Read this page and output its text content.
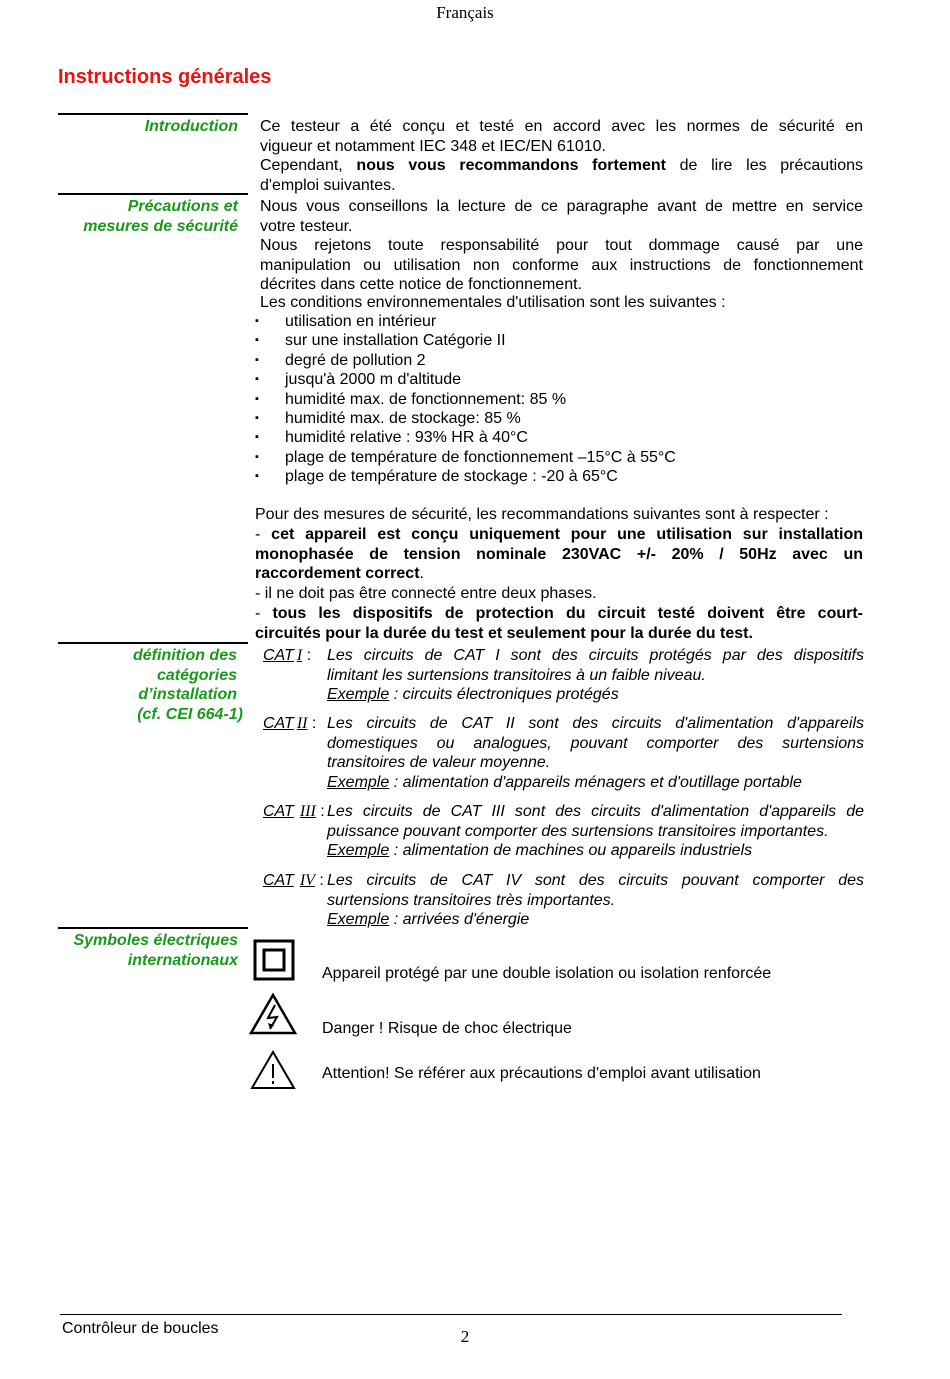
Français
Instructions générales
Introduction
Précautions et
mesures de sécurité
définition des
catégories
d’installation
(cf. CEI 664-1)
Symboles électriques
internationaux
Ce testeur a été conçu et testé en accord avec les normes de sécurité en
vigueur et notamment IEC 348 et IEC/EN 61010.
Cependant, nous vous recommandons fortement de lire les précautions
d'emploi suivantes.
Nous vous conseillons la lecture de ce paragraphe avant de mettre en service
votre testeur.
Nous rejetons toute responsabilité pour tout dommage causé par une
manipulation ou utilisation non conforme aux instructions de fonctionnement
décrites dans cette notice de fonctionnement.
Les conditions environnementales d'utilisation sont les suivantes :
▪ utilisation en intérieur
▪ sur une installation Catégorie II
▪ degré de pollution 2
▪ jusqu'à 2000 m d'altitude
▪ humidité max. de fonctionnement: 85 %
▪ humidité max. de stockage: 85 %
▪ humidité relative : 93% HR à 40°C
▪ plage de température de fonctionnement –15°C à 55°C
▪ plage de température de stockage : -20 à 65°C
Pour des mesures de sécurité, les recommandations suivantes sont à respecter :
- cet appareil est conçu uniquement pour une utilisation sur installation
monophasée de tension nominale 230VAC +/- 20% / 50Hz avec un
raccordement correct.
- il ne doit pas être connecté entre deux phases.
- tous les dispositifs de protection du circuit testé doivent être court-
circuités pour la durée du test et seulement pour la durée du test.
CAT I : Les circuits de CAT I sont des circuits protégés par des dispositifs
limitant les surtensions transitoires à un faible niveau.
Exemple : circuits électroniques protégés
CAT II : Les circuits de CAT II sont des circuits d'alimentation d'appareils
domestiques ou analogues, pouvant comporter des surtensions
transitoires de valeur moyenne.
Exemple : alimentation d'appareils ménagers et d'outillage portable
CAT III : Les circuits de CAT III sont des circuits d'alimentation d'appareils de
puissance pouvant comporter des surtensions transitoires importantes.
Exemple : alimentation de machines ou appareils industriels
CAT IV : Les circuits de CAT IV sont des circuits pouvant comporter des
surtensions transitoires très importantes.
Exemple : arrivées d'énergie
Appareil protégé par une double isolation ou isolation renforcée
Danger ! Risque de choc électrique
Attention! Se référer aux précautions d'emploi avant utilisation
Contrôleur de boucles	2
